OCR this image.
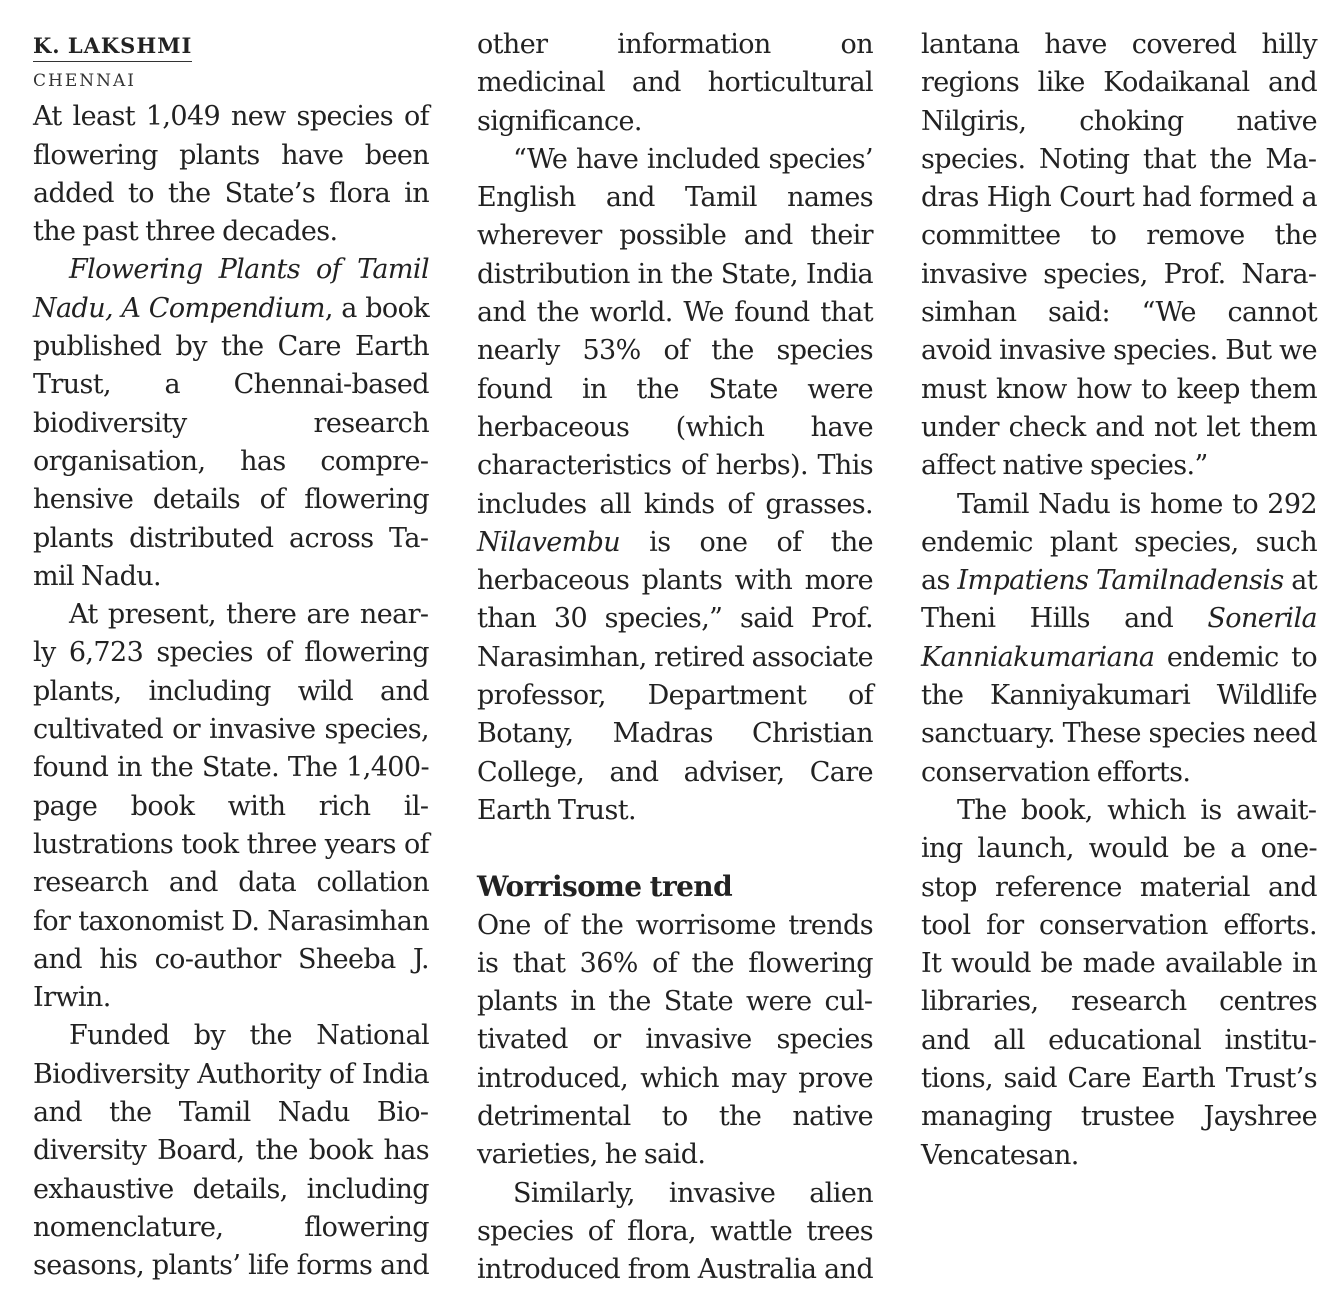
K. LAKSHMI
CHENNAI

At least 1,049 new species of flowering plants have been added to the State’s flora in the past three decades.

Flowering Plants of Tamil Nadu, A Compendium, a book published by the Care Earth Trust, a Chennai-based biodiversity research organisation, has comprehensive details of flowering plants distributed across Tamil Nadu.

At present, there are nearly 6,723 species of flowering plants, including wild and cultivated or invasive species, found in the State. The 1,400-page book with rich illustrations took three years of research and data collation for taxonomist D. Narasimhan and his co-author Sheeba J. Irwin.

Funded by the National Biodiversity Authority of India and the Tamil Nadu Biodiversity Board, the book has exhaustive details, including nomenclature, flowering seasons, plants’ life forms and

other information on medicinal and horticultural significance.

“We have included species’ English and Tamil names wherever possible and their distribution in the State, India and the world. We found that nearly 53% of the species found in the State were herbaceous (which have characteristics of herbs). This includes all kinds of grasses. Nilavembu is one of the herbaceous plants with more than 30 species,” said Prof. Narasimhan, retired associate professor, Department of Botany, Madras Christian College, and adviser, Care Earth Trust.

Worrisome trend

One of the worrisome trends is that 36% of the flowering plants in the State were cultivated or invasive species introduced, which may prove detrimental to the native varieties, he said.

Similarly, invasive alien species of flora, wattle trees introduced from Australia and

lantana have covered hilly regions like Kodaikanal and Nilgiris, choking native species. Noting that the Madras High Court had formed a committee to remove the invasive species, Prof. Narasimhan said: “We cannot avoid invasive species. But we must know how to keep them under check and not let them affect native species.”

Tamil Nadu is home to 292 endemic plant species, such as Impatiens Tamilnadensis at Theni Hills and Sonerila Kanniakumariana endemic to the Kanniyakumari Wildlife sanctuary. These species need conservation efforts.

The book, which is awaiting launch, would be a one-stop reference material and tool for conservation efforts. It would be made available in libraries, research centres and all educational institutions, said Care Earth Trust’s managing trustee Jayshree Vencatesan.
